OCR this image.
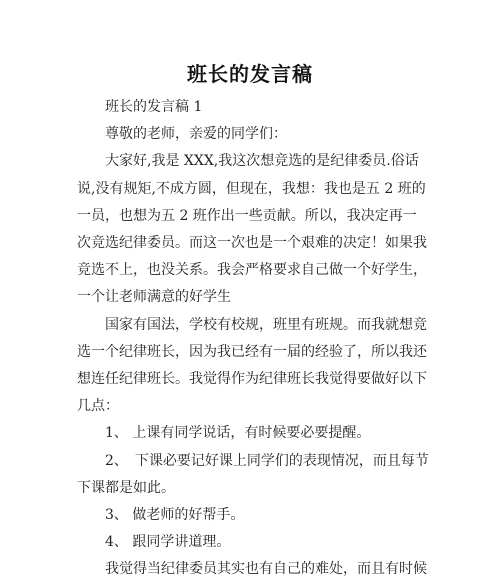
班长的发言稿

班长的发言稿 1

尊敬的老师，亲爱的同学们：

大家好,我是 XXX,我这次想竞选的是纪律委员.俗话说,没有规矩,不成方圆，但现在，我想：我也是五 2 班的一员，也想为五 2 班作出一些贡献。所以，我决定再一次竞选纪律委员。而这一次也是一个艰难的决定！如果我竞选不上，也没关系。我会严格要求自己做一个好学生，一个让老师满意的好学生

国家有国法，学校有校规，班里有班规。而我就想竞选一个纪律班长，因为我已经有一届的经验了，所以我还想连任纪律班长。我觉得作为纪律班长我觉得要做好以下几点：

1、 上课有同学说话，有时候要必要提醒。

2、　下课必要记好课上同学们的表现情况，而且每节下课都是如此。

3、 做老师的好帮手。

4、 跟同学讲道理。

我觉得当纪律委员其实也有自己的难处，而且有时候
